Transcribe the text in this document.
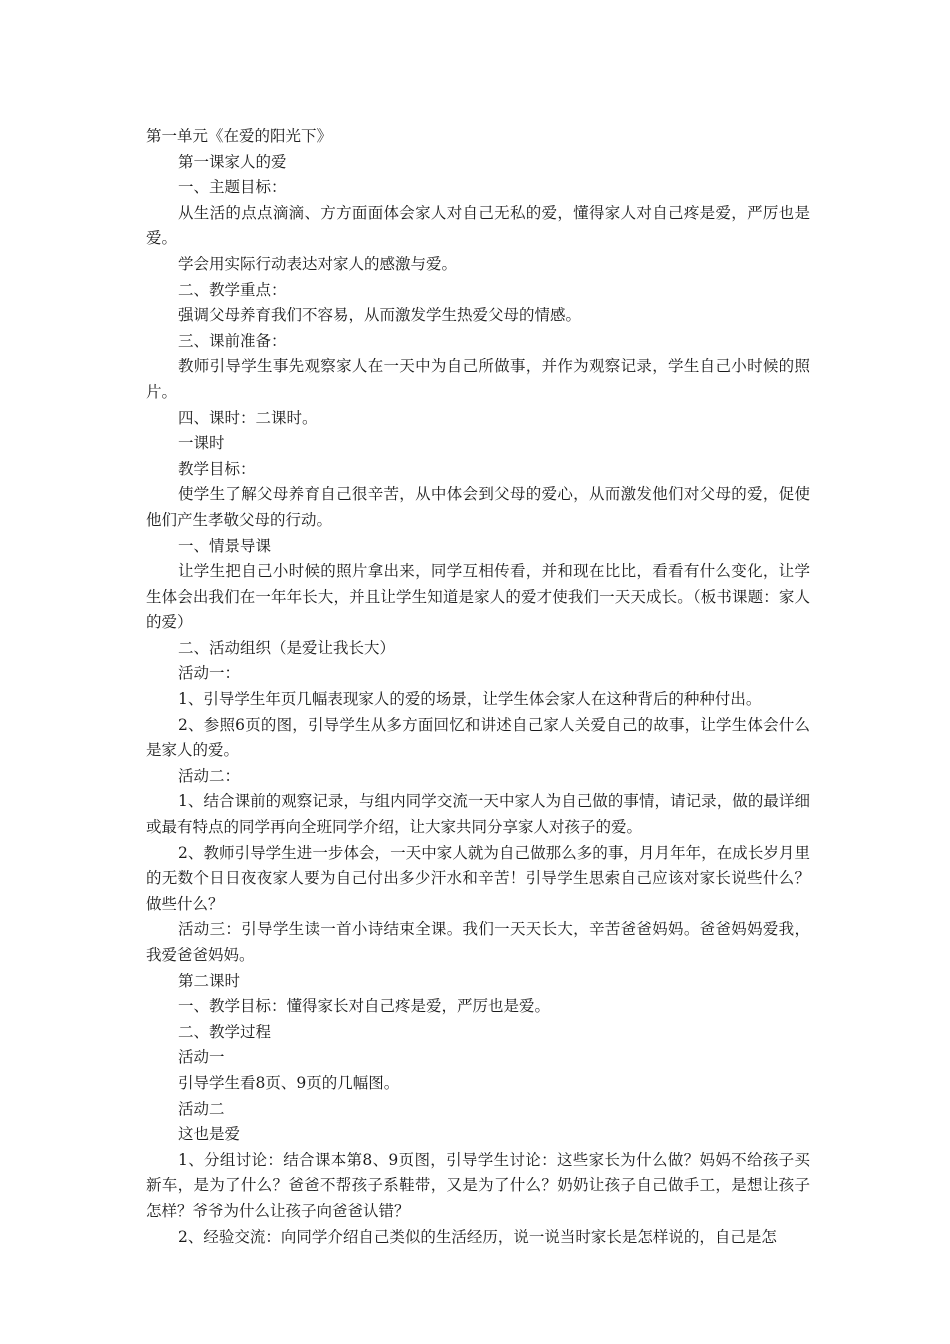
第一单元《在爱的阳光下》

第一课家人的爱

一、主题目标：

从生活的点点滴滴、方方面面体会家人对自己无私的爱，懂得家人对自己疼是爱，严厉也是爱。

学会用实际行动表达对家人的感激与爱。

二、教学重点：

强调父母养育我们不容易，从而激发学生热爱父母的情感。

三、课前准备：

教师引导学生事先观察家人在一天中为自己所做事，并作为观察记录，学生自己小时候的照片。

四、课时：二课时。

一课时

教学目标：

使学生了解父母养育自己很辛苦，从中体会到父母的爱心，从而激发他们对父母的爱，促使他们产生孝敬父母的行动。

一、情景导课

让学生把自己小时候的照片拿出来，同学互相传看，并和现在比比，看看有什么变化，让学生体会出我们在一年年长大，并且让学生知道是家人的爱才使我们一天天成长。（板书课题：家人的爱）

二、活动组织（是爱让我长大）

活动一：

1、引导学生年页几幅表现家人的爱的场景，让学生体会家人在这种背后的种种付出。

2、参照6页的图，引导学生从多方面回忆和讲述自己家人关爱自己的故事，让学生体会什么是家人的爱。

活动二：

1、结合课前的观察记录，与组内同学交流一天中家人为自己做的事情，请记录，做的最详细或最有特点的同学再向全班同学介绍，让大家共同分享家人对孩子的爱。

2、教师引导学生进一步体会，一天中家人就为自己做那么多的事，月月年年，在成长岁月里的无数个日日夜夜家人要为自己付出多少汗水和辛苦！引导学生思索自己应该对家长说些什么？做些什么？

活动三：引导学生读一首小诗结束全课。我们一天天长大，辛苦爸爸妈妈。爸爸妈妈爱我，我爱爸爸妈妈。

第二课时

一、教学目标：懂得家长对自己疼是爱，严厉也是爱。

二、教学过程

活动一

引导学生看8页、9页的几幅图。

活动二

这也是爱

1、分组讨论：结合课本第8、9页图，引导学生讨论：这些家长为什么做？妈妈不给孩子买新车，是为了什么？爸爸不帮孩子系鞋带，又是为了什么？奶奶让孩子自己做手工，是想让孩子怎样？爷爷为什么让孩子向爸爸认错？

2、经验交流：向同学介绍自己类似的生活经历，说一说当时家长是怎样说的，自己是怎
